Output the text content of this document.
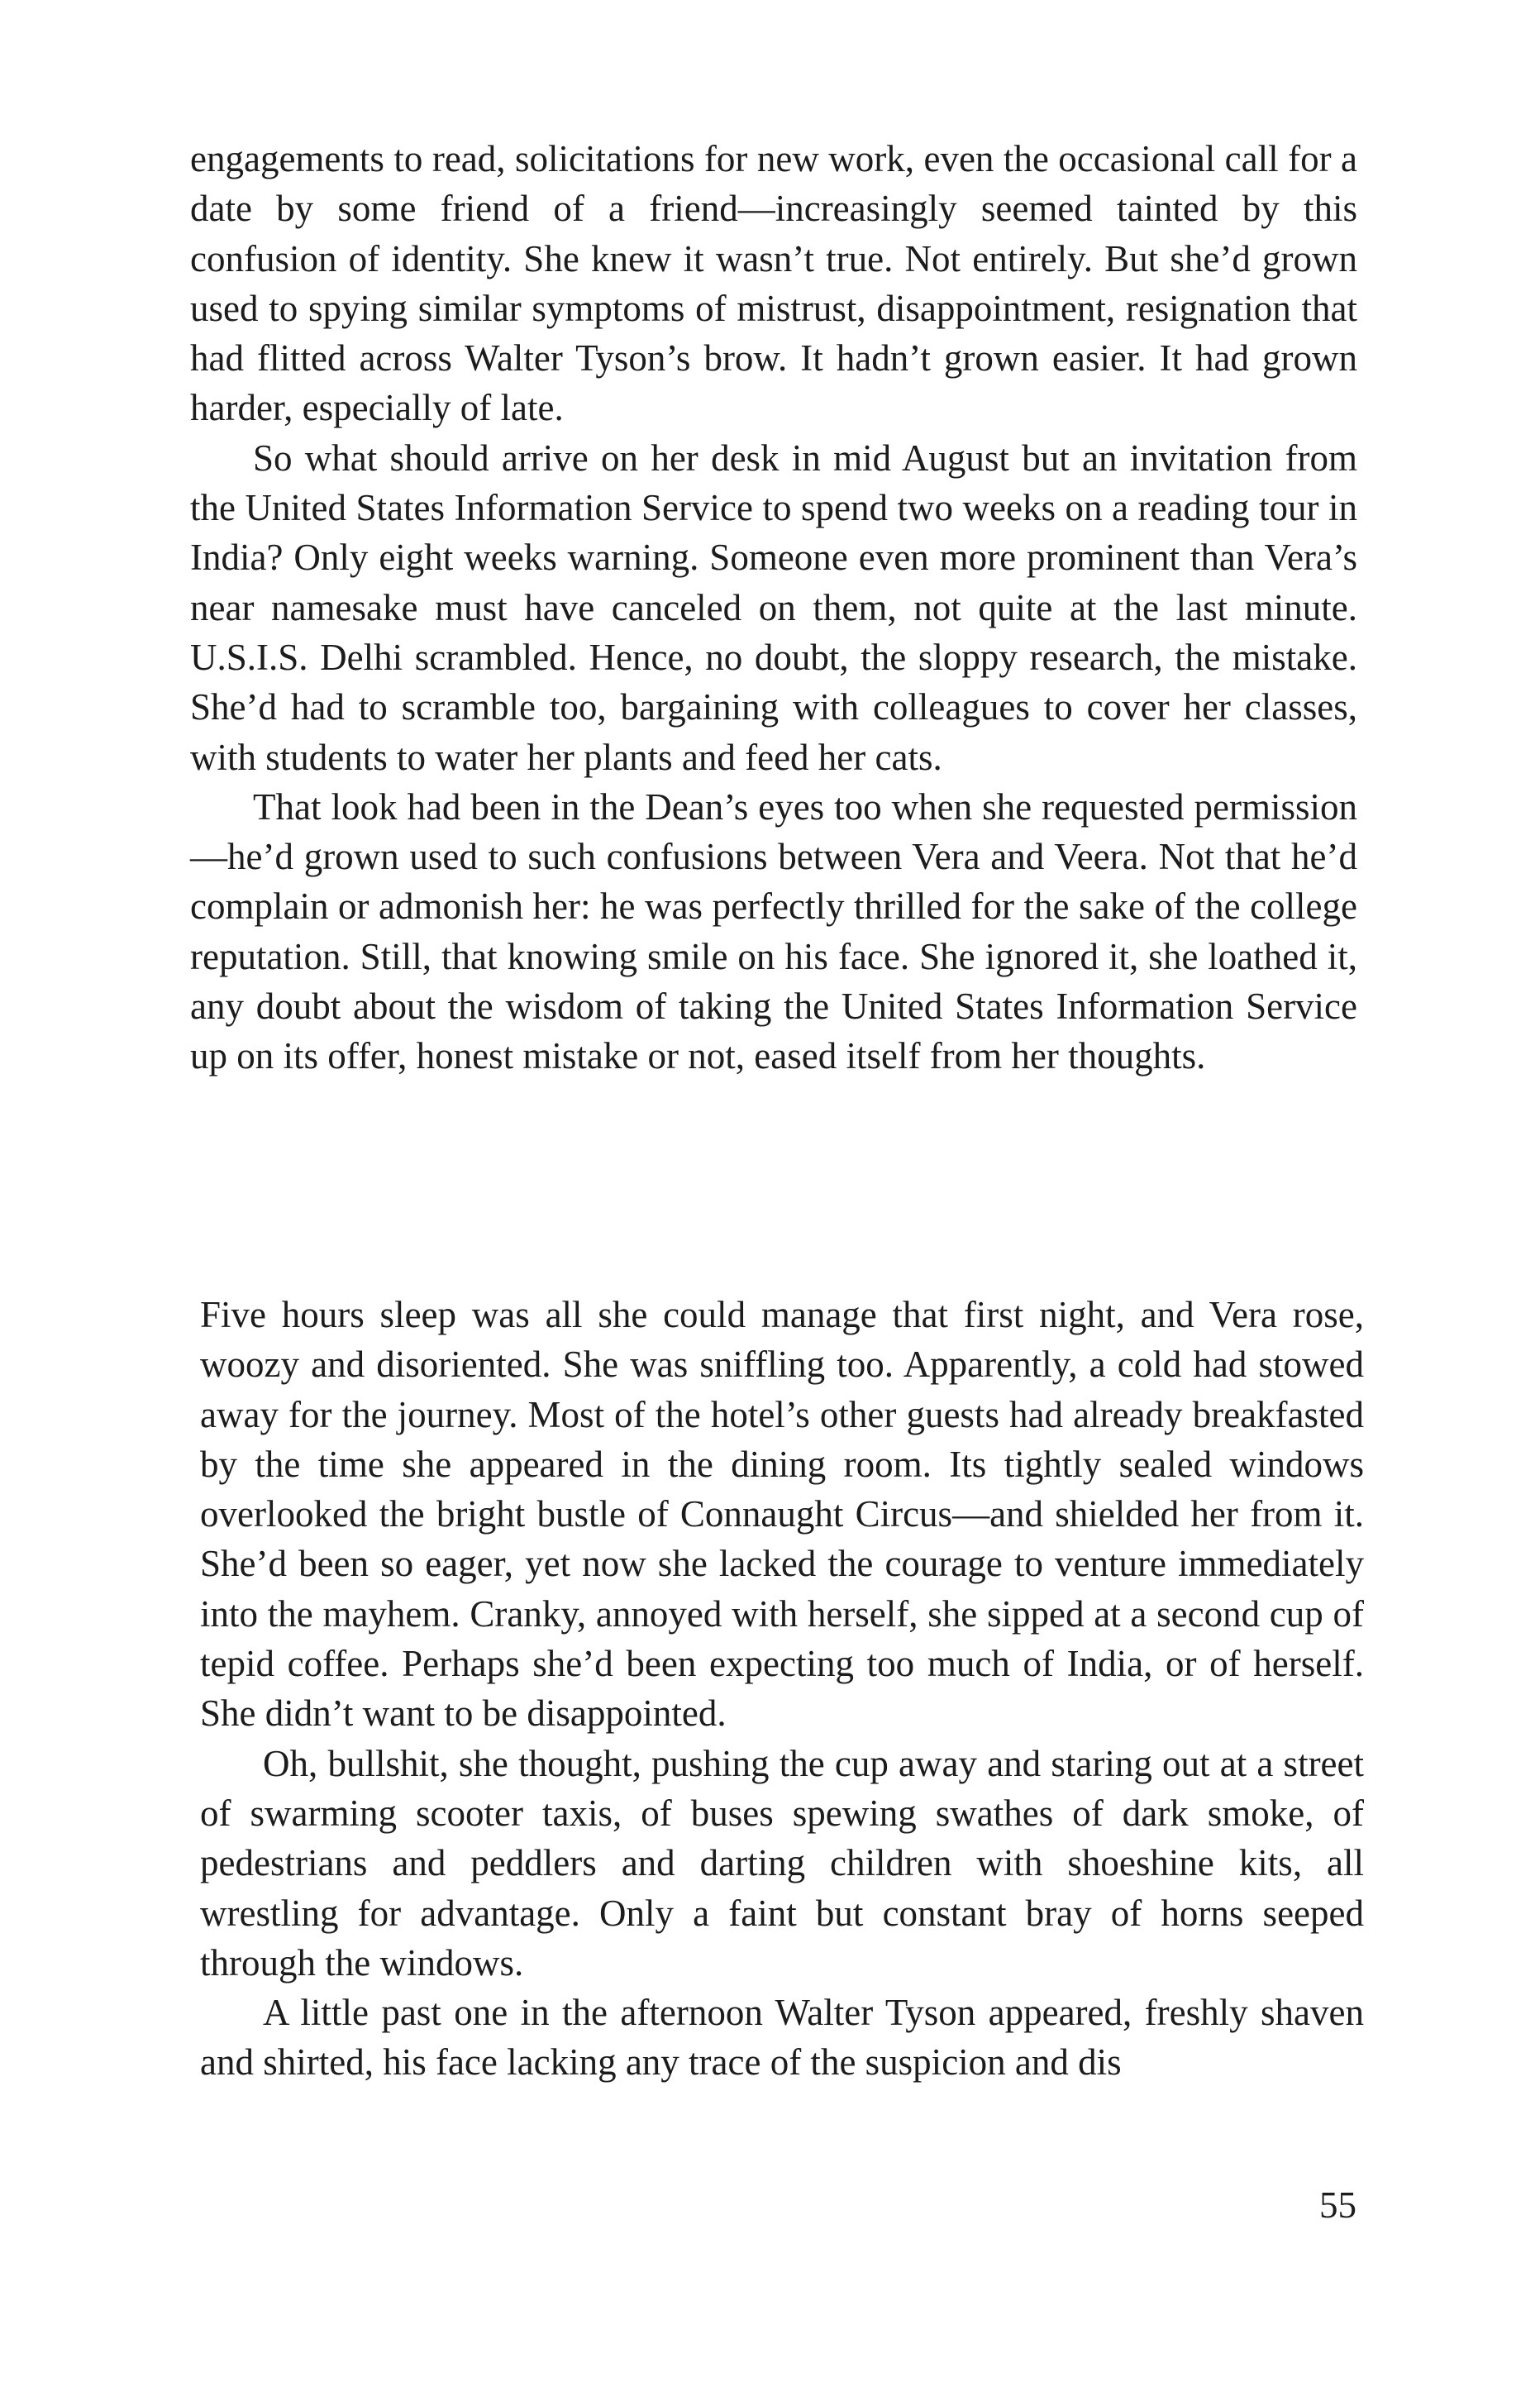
engagements to read, solicitations for new work, even the occasional call for a date by some friend of a friend—increasingly seemed tainted by this confusion of identity. She knew it wasn’t true. Not entirely. But she’d grown used to spying similar symptoms of mistrust, disappointment, resignation that had flitted across Walter Tyson’s brow. It hadn’t grown easier. It had grown harder, especially of late.

So what should arrive on her desk in mid August but an invitation from the United States Information Service to spend two weeks on a reading tour in India? Only eight weeks warning. Someone even more prominent than Vera’s near namesake must have canceled on them, not quite at the last minute. U.S.I.S. Delhi scrambled. Hence, no doubt, the sloppy research, the mistake. She’d had to scramble too, bargaining with colleagues to cover her classes, with students to water her plants and feed her cats.

That look had been in the Dean’s eyes too when she requested permission—he’d grown used to such confusions between Vera and Veera. Not that he’d complain or admonish her: he was perfectly thrilled for the sake of the college reputation. Still, that knowing smile on his face. She ignored it, she loathed it, any doubt about the wisdom of taking the United States Information Service up on its offer, honest mistake or not, eased itself from her thoughts.

Five hours sleep was all she could manage that first night, and Vera rose, woozy and disoriented. She was sniffling too. Apparently, a cold had stowed away for the journey. Most of the hotel’s other guests had already breakfasted by the time she appeared in the dining room. Its tightly sealed windows overlooked the bright bustle of Connaught Circus—and shielded her from it. She’d been so eager, yet now she lacked the courage to venture immediately into the mayhem. Cranky, annoyed with herself, she sipped at a second cup of tepid coffee. Perhaps she’d been expecting too much of India, or of herself. She didn’t want to be disappointed.

Oh, bullshit, she thought, pushing the cup away and staring out at a street of swarming scooter taxis, of buses spewing swathes of dark smoke, of pedestrians and peddlers and darting children with shoeshine kits, all wrestling for advantage. Only a faint but constant bray of horns seeped through the windows.

A little past one in the afternoon Walter Tyson appeared, freshly shaven and shirted, his face lacking any trace of the suspicion and dis

55
